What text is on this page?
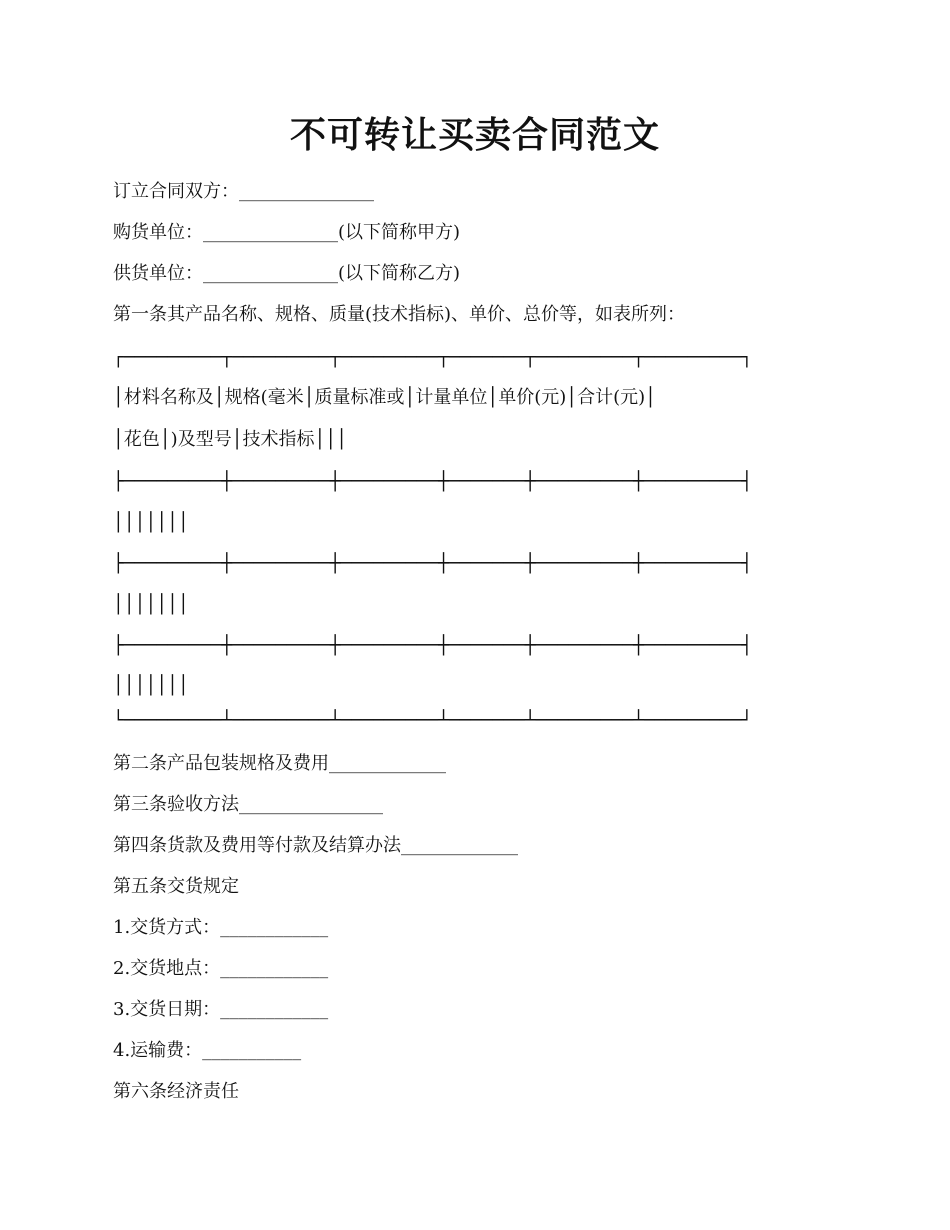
不可转让买卖合同范文
订立合同双方：_______________
购货单位：_______________(以下简称甲方)
供货单位：_______________(以下简称乙方)
第一条其产品名称、规格、质量(技术指标)、单价、总价等，如表所列：
┌─────────┬─────────┬─────────┬───────┬─────────┬─────────┐
│材料名称及│规格(毫米│质量标准或│计量单位│单价(元)│合计(元)│
│花色│)及型号│技术指标│││
├─────────┼─────────┼─────────┼───────┼─────────┼─────────┤
│││││││
├─────────┼─────────┼─────────┼───────┼─────────┼─────────┤
│││││││
├─────────┼─────────┼─────────┼───────┼─────────┼─────────┤
│││││││
└─────────┴─────────┴─────────┴───────┴─────────┴─────────┘
第二条产品包装规格及费用_____________
第三条验收方法________________
第四条货款及费用等付款及结算办法_____________
第五条交货规定
1.交货方式：____________
2.交货地点：____________
3.交货日期：____________
4.运输费：___________
第六条经济责任
